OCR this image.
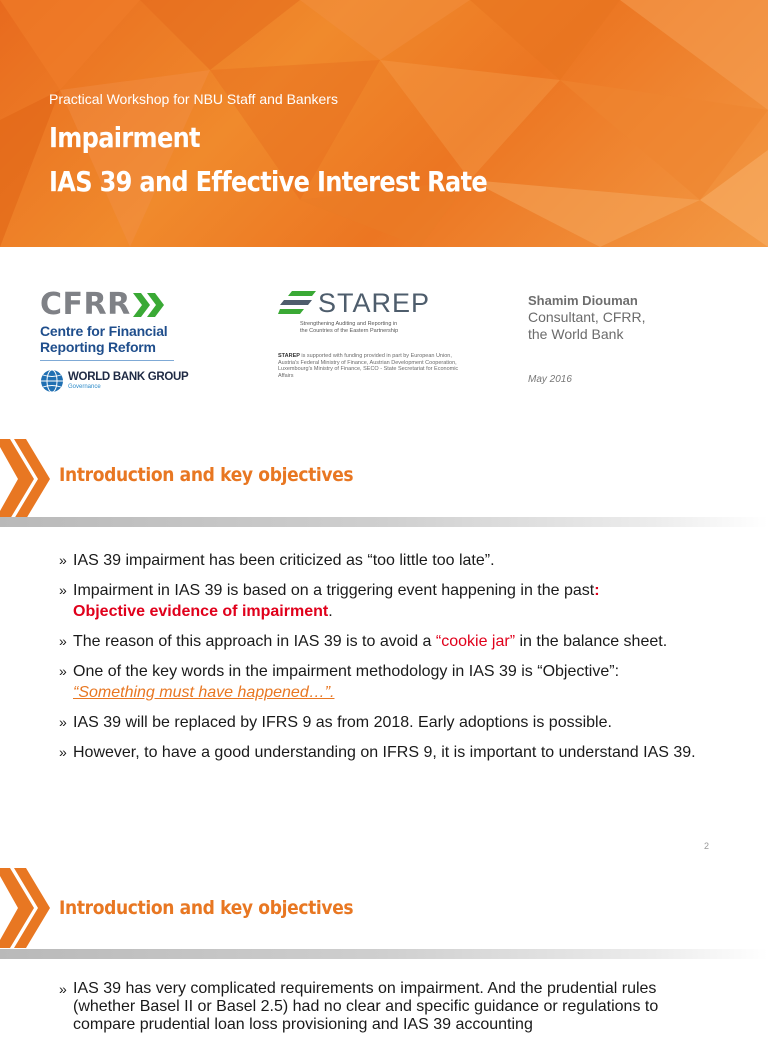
Practical Workshop for NBU Staff and Bankers
Impairment
IAS 39 and Effective Interest Rate
CFRR
Centre for Financial
Reporting Reform
WORLD BANK GROUP
Governance
STAREP
Strengthening Auditing and Reporting in
the Countries of the Eastern Partnership
STAREP is supported with funding provided in part by European Union, Austria's Federal Ministry of Finance, Austrian Development Cooperation, Luxembourg's Ministry of Finance, SECO - State Secretariat for Economic Affairs
Shamim Diouman
Consultant, CFRR,
the World Bank
May 2016
Introduction and key objectives
» IAS 39 impairment has been criticized as “too little too late”.
» Impairment in IAS 39 is based on a triggering event happening in the past:
Objective evidence of impairment.
» The reason of this approach in IAS 39 is to avoid a “cookie jar” in the balance sheet.
» One of the key words in the impairment methodology in IAS 39 is “Objective”:
“Something must have happened…”.
» IAS 39 will be replaced by IFRS 9 as from 2018. Early adoptions is possible.
» However, to have a good understanding on IFRS 9, it is important to understand IAS 39.
2
Introduction and key objectives
» IAS 39 has very complicated requirements on impairment. And the prudential rules (whether Basel II or Basel 2.5) had no clear and specific guidance or regulations to compare prudential loan loss provisioning and IAS 39 accounting
